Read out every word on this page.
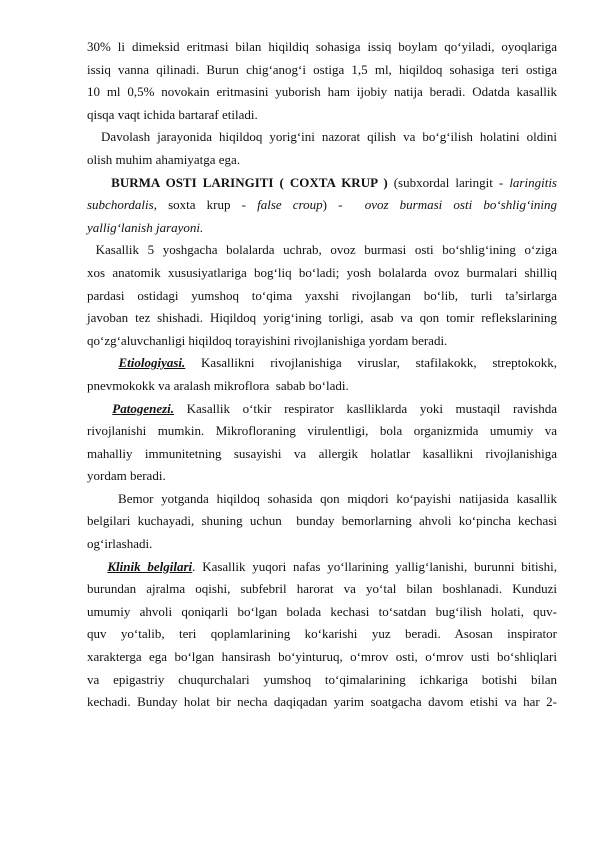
30% li dimeksid eritmasi bilan hiqildiq sohasiga issiq boylam qo‘yiladi, oyoqlariga
issiq vanna qilinadi. Burun chig‘anog‘i ostiga 1,5 ml, hiqildoq sohasiga teri ostiga
10 ml 0,5% novokain eritmasini yuborish ham ijobiy natija beradi. Odatda kasallik
qisqa vaqt ichida bartaraf etiladi.
Davolash jarayonida hiqildoq yorig‘ini nazorat qilish va bo‘g‘ilish holatini oldini
olish muhim ahamiyatga ega.
BURMA OSTI LARINGITI ( COXTA KRUP ) (subxordal laringit - laringitis
subchordalis, soxta krup - false croup) -  ovoz burmasi osti bo‘shlig‘ining
yallig‘lanish jarayoni.
Kasallik 5 yoshgacha bolalarda uchrab, ovoz burmasi osti bo‘shlig‘ining o‘ziga
xos anatomik xususiyatlariga bog‘liq bo‘ladi; yosh bolalarda ovoz burmalari shilliq
pardasi ostidagi yumshoq to‘qima yaxshi rivojlangan bo‘lib, turli ta’sirlarga
javoban tez shishadi. Hiqildoq yorig‘ining torligi, asab va qon tomir reflekslarining
qo‘zg‘aluvchanligi hiqildoq torayishini rivojlanishiga yordam beradi.
Etiologiyasi. Kasallikni rivojlanishiga viruslar, stafilakokk, streptokokk,
pnevmokokk va aralash mikroflora  sabab bo‘ladi.
Patogenezi. Kasallik o‘tkir respirator kaslliklarda yoki mustaqil ravishda
rivojlanishi mumkin. Mikrofloraning virulentligi, bola organizmida umumiy va
mahalliy immunitetning susayishi va allergik holatlar kasallikni rivojlanishiga
yordam beradi.
Bemor yotganda hiqildoq sohasida qon miqdori ko‘payishi natijasida kasallik
belgilari kuchayadi, shuning uchun  bunday bemorlarning ahvoli ko‘pincha kechasi
og‘irlashadi.
Klinik belgilari. Kasallik yuqori nafas yo‘llarining yallig‘lanishi, burunni bitishi,
burundan ajralma oqishi, subfebril harorat va yo‘tal bilan boshlanadi. Kunduzi
umumiy ahvoli qoniqarli bo‘lgan bolada kechasi to‘satdan bug‘ilish holati, quv-
quv yo‘talib, teri qoplamlarining ko‘karishi yuz beradi. Asosan inspirator
xarakterga ega bo‘lgan hansirash bo‘yinturuq, o‘mrov osti, o‘mrov usti bo‘shliqlari
va epigastriy chuqurchalari yumshoq to‘qimalarining ichkariga botishi bilan
kechadi. Bunday holat bir necha daqiqadan yarim soatgacha davom etishi va har 2-
